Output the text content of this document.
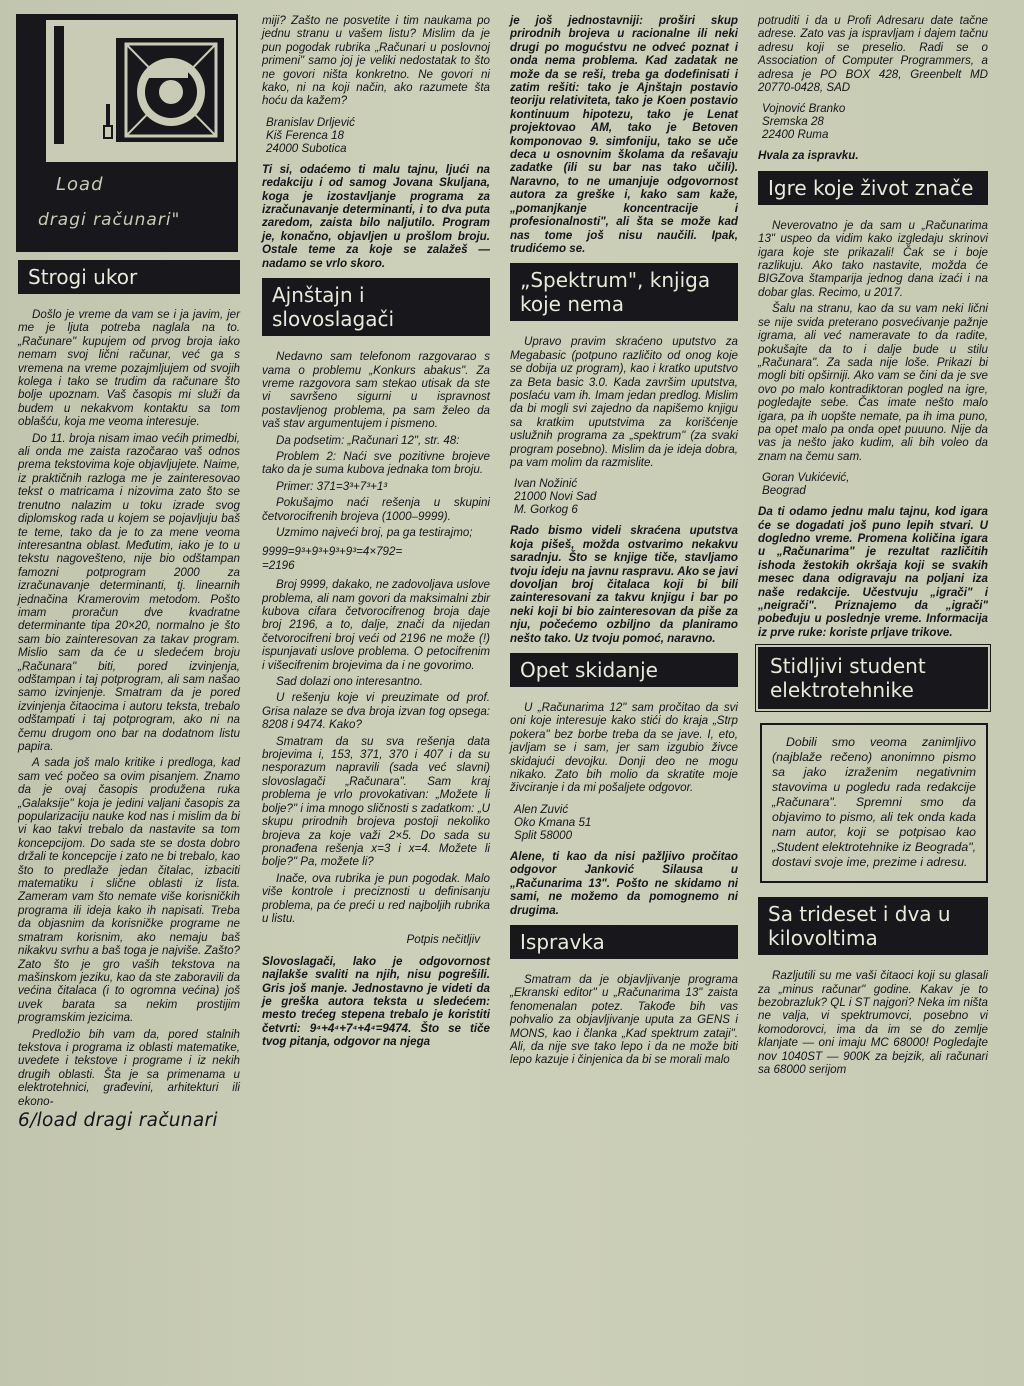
Load
dragi računari"
Strogi ukor

Došlo je vreme da vam se i ja javim, jer me je ljuta potreba naglala na to. „Računare" kupujem od prvog broja iako nemam svoj lični računar, već ga s vremena na vreme pozajmljujem od svojih kolega i tako se trudim da računare što bolje upoznam. Vaš časopis mi služi da budem u nekakvom kontaktu sa tom oblašću, koja me veoma interesuje.

Do 11. broja nisam imao većih primedbi, ali onda me zaista razočarao vaš odnos prema tekstovima koje objavljujete. Naime, iz praktičnih razloga me je zainteresovao tekst o matricama i nizovima zato što se trenutno nalazim u toku izrade svog diplomskog rada u kojem se pojavljuju baš te teme, tako da je to za mene veoma interesantna oblast. Međutim, iako je to u tekstu nagovešteno, nije bio odštampan famozni potprogram 2000 za izračunavanje determinanti, tj. linearnih jednačina Kramerovim metodom. Pošto imam proračun dve kvadratne determinante tipa 20×20, normalno je što sam bio zainteresovan za takav program. Mislio sam da će u sledećem broju „Računara" biti, pored izvinjenja, odštampan i taj potprogram, ali sam našao samo izvinjenje. Smatram da je pored izvinjenja čitaocima i autoru teksta, trebalo odštampati i taj potprogram, ako ni na čemu drugom ono bar na dodatnom listu papira.

A sada još malo kritike i predloga, kad sam već počeo sa ovim pisanjem. Znamo da je ovaj časopis produžena ruka „Galaksije" koja je jedini valjani časopis za popularizaciju nauke kod nas i mislim da bi vi kao takvi trebalo da nastavite sa tom koncepcijom. Do sada ste se dosta dobro držali te koncepcije i zato ne bi trebalo, kao što to predlaže jedan čitalac, izbaciti matematiku i slične oblasti iz lista. Zameram vam što nemate više korisničkih programa ili ideja kako ih napisati. Treba da objasnim da korisničke programe ne smatram korisnim, ako nemaju baš nikakvu svrhu a baš toga je najviše. Zašto? Zato što je gro vaših tekstova na mašinskom jeziku, kao da ste zaboravili da većina čitalaca (i to ogromna većina) još uvek barata sa nekim prostijim programskim jezicima.

Predložio bih vam da, pored stalnih tekstova i programa iz oblasti matematike, uvedete i tekstove i programe i iz nekih drugih oblasti. Šta je sa primenama u elektrotehnici, građevini, arhitekturi ili ekono-

6/load dragi računari

miji? Zašto ne posvetite i tim naukama po jednu stranu u vašem listu? Mislim da je pun pogodak rubrika „Računari u poslovnoj primeni" samo joj je veliki nedostatak to što ne govori ništa konkretno. Ne govori ni kako, ni na koji način, ako razumete šta hoću da kažem?

Branislav Drljević
Kiš Ferenca 18
24000 Subotica

Ti si, odaćemo ti malu tajnu, ljući na redakciju i od samog Jovana Skuljana, koga je izostavljanje programa za izračunavanje determinanti, i to dva puta zaredom, zaista bilo naljutilo. Program je, konačno, objavljen u prošlom broju. Ostale teme za koje se zalažeš — nadamo se vrlo skoro.

Ajnštajn i slovoslagači

Nedavno sam telefonom razgovarao s vama o problemu „Konkurs abakus". Za vreme razgovora sam stekao utisak da ste vi savršeno sigurni u ispravnost postavljenog problema, pa sam želeo da vaš stav argumentujem i pismeno.

Da podsetim: „Računari 12", str. 48:

Problem 2: Naći sve pozitivne brojeve tako da je suma kubova jednaka tom broju.

Primer: 371=3³+7³+1³

Pokušajmo naći rešenja u skupini četvorocifrenih brojeva (1000–9999).

Uzmimo najveći broj, pa ga testirajmo;

9999=9³+9³+9³+9³=4×792=
=2196

Broj 9999, dakako, ne zadovoljava uslove problema, ali nam govori da maksimalni zbir kubova cifara četvorocifrenog broja daje broj 2196, a to, dalje, znači da nijedan četvorocifreni broj veći od 2196 ne može (!) ispunjavati uslove problema. O petocifrenim i višecifrenim brojevima da i ne govorimo.

Sad dolazi ono interesantno.

U rešenju koje vi preuzimate od prof. Grisa nalaze se dva broja izvan tog opsega: 8208 i 9474. Kako?

Smatram da su sva rešenja data brojevima i, 153, 371, 370 i 407 i da su nesporazum napravili (sada već slavni) slovoslagači „Računara". Sam kraj problema je vrlo provokativan: „Možete li bolje?" i ima mnogo sličnosti s zadatkom: „U skupu prirodnih brojeva postoji nekoliko brojeva za koje važi 2×5. Do sada su pronađena rešenja x=3 i x=4. Možete li bolje?" Pa, možete li?

Inače, ova rubrika je pun pogodak. Malo više kontrole i preciznosti u definisanju problema, pa će preći u red najboljih rubrika u listu.

Potpis nečitljiv

Slovoslagači, lako je odgovornost najlakše svaliti na njih, nisu pogrešili. Gris još manje. Jednostavno je videti da je greška autora teksta u sledećem: mesto trećeg stepena trebalo je koristiti četvrti: 9⁴+4⁴+7⁴+4⁴=9474. Što se tiče tvog pitanja, odgovor na njega

je još jednostavniji: proširi skup prirodnih brojeva u racionalne ili neki drugi po mogućstvu ne odveć poznat i onda nema problema. Kad zadatak ne može da se reši, treba ga dodefinisati i zatim rešiti: tako je Ajnštajn postavio teoriju relativiteta, tako je Koen postavio kontinuum hipotezu, tako je Lenat projektovao AM, tako je Betoven komponovao 9. simfoniju, tako se uče deca u osnovnim školama da rešavaju zadatke (ili su bar nas tako učili). Naravno, to ne umanjuje odgovornost autora za greške i, kako sam kaže, „pomanjkanje koncentracije i profesionalnosti", ali šta se može kad nas tome još nisu naučili. Ipak, trudićemo se.

„Spektrum", knjiga koje nema

Upravo pravim skraćeno uputstvo za Megabasic (potpuno različito od onog koje se dobija uz program), kao i kratko uputstvo za Beta basic 3.0. Kada završim uputstva, poslaću vam ih. Imam jedan predlog. Mislim da bi mogli svi zajedno da napišemo knjigu sa kratkim uputstvima za korišćenje uslužnih programa za „spektrum" (za svaki program posebno). Mislim da je ideja dobra, pa vam molim da razmislite.

Ivan Nožinić
21000 Novi Sad
M. Gorkog 6

Rado bismo videli skraćena uputstva koja pišeš, možda ostvarimo nekakvu saradnju. Što se knjige tiče, stavljamo tvoju ideju na javnu raspravu. Ako se javi dovoljan broj čitalaca koji bi bili zainteresovani za takvu knjigu i bar po neki koji bi bio zainteresovan da piše za nju, počećemo ozbiljno da planiramo nešto tako. Uz tvoju pomoć, naravno.

Opet skidanje

U „Računarima 12" sam pročitao da svi oni koje interesuje kako stići do kraja „Strp pokera" bez borbe treba da se jave. I, eto, javljam se i sam, jer sam izgubio živce skidajući devojku. Donji deo ne mogu nikako. Zato bih molio da skratite moje živciranje i da mi pošaljete odgovor.

Alen Zuvić
Oko Kmana 51
Split 58000

Alene, ti kao da nisi pažljivo pročitao odgovor Janković Silausa u „Računarima 13". Pošto ne skidamo ni sami, ne možemo da pomognemo ni drugima.

Ispravka

Smatram da je objavljivanje programa „Ekranski editor" u „Računarima 13" zaista fenomenalan potez. Takođe bih vas pohvalio za objavljivanje uputa za GENS i MONS, kao i članka „Kad spektrum zataji". Ali, da nije sve tako lepo i da ne može biti lepo kazuje i činjenica da bi se morali malo

potruditi i da u Profi Adresaru date tačne adrese. Zato vas ja ispravljam i dajem tačnu adresu koji se preselio. Radi se o Association of Computer Programmers, a adresa je PO BOX 428, Greenbelt MD 20770-0428, SAD

Vojnović Branko
Sremska 28
22400 Ruma

Hvala za ispravku.

Igre koje život znače

Neverovatno je da sam u „Računarima 13" uspeo da vidim kako izgledaju skrinovi igara koje ste prikazali! Čak se i boje razlikuju. Ako tako nastavite, možda će BIGZova štamparija jednog dana izaći i na dobar glas. Recimo, u 2017.

Šalu na stranu, kao da su vam neki lični se nije svida preterano posvećivanje pažnje igrama, ali već nameravate to da radite, pokušajte da to i dalje bude u stilu „Računara". Za sada nije loše. Prikazi bi mogli biti opširniji. Ako vam se čini da je sve ovo po malo kontradiktoran pogled na igre, pogledajte sebe. Čas imate nešto malo igara, pa ih uopšte nemate, pa ih ima puno, pa opet malo pa onda opet puuuno. Nije da vas ja nešto jako kudim, ali bih voleo da znam na čemu sam.

Goran Vukićević,
Beograd

Da ti odamo jednu malu tajnu, kod igara će se dogadati još puno lepih stvari. U doglednо vreme. Promena količina igara u „Računarima" je rezultat različitih ishoda žestokih okršaja koji se svakih mesec dana odigravaju na poljani iza naše redakcije. Učestvuju „igrači" i „neigrači". Priznajemo da „igrači" pobeđuju u poslednje vreme. Informacija iz prve ruke: koriste prljave trikove.

Stidljivi student elektrotehnike

Dobili smo veoma zanimljivo (najblaže rečeno) anonimno pismo sa jako izraženim negativnim stavovima u pogledu rada redakcije „Računara". Spremni smo da objavimo to pismo, ali tek onda kada nam autor, koji se potpisao kao „Student elektrotehnike iz Beograda", dostavi svoje ime, prezime i adresu.

Sa trideset i dva u kilovoltima

Razljutili su me vaši čitaoci koji su glasali za „minus računar" godine. Kakav je to bezobrazluk? QL i ST najgori? Neka im ništa ne valja, vi spektrumovci, posebno vi komodorovci, ima da im se do zemlje klanjate — oni imaju MC 68000! Pogledajte nov 1040ST — 900K za bejzik, ali računari sa 68000 serijom
